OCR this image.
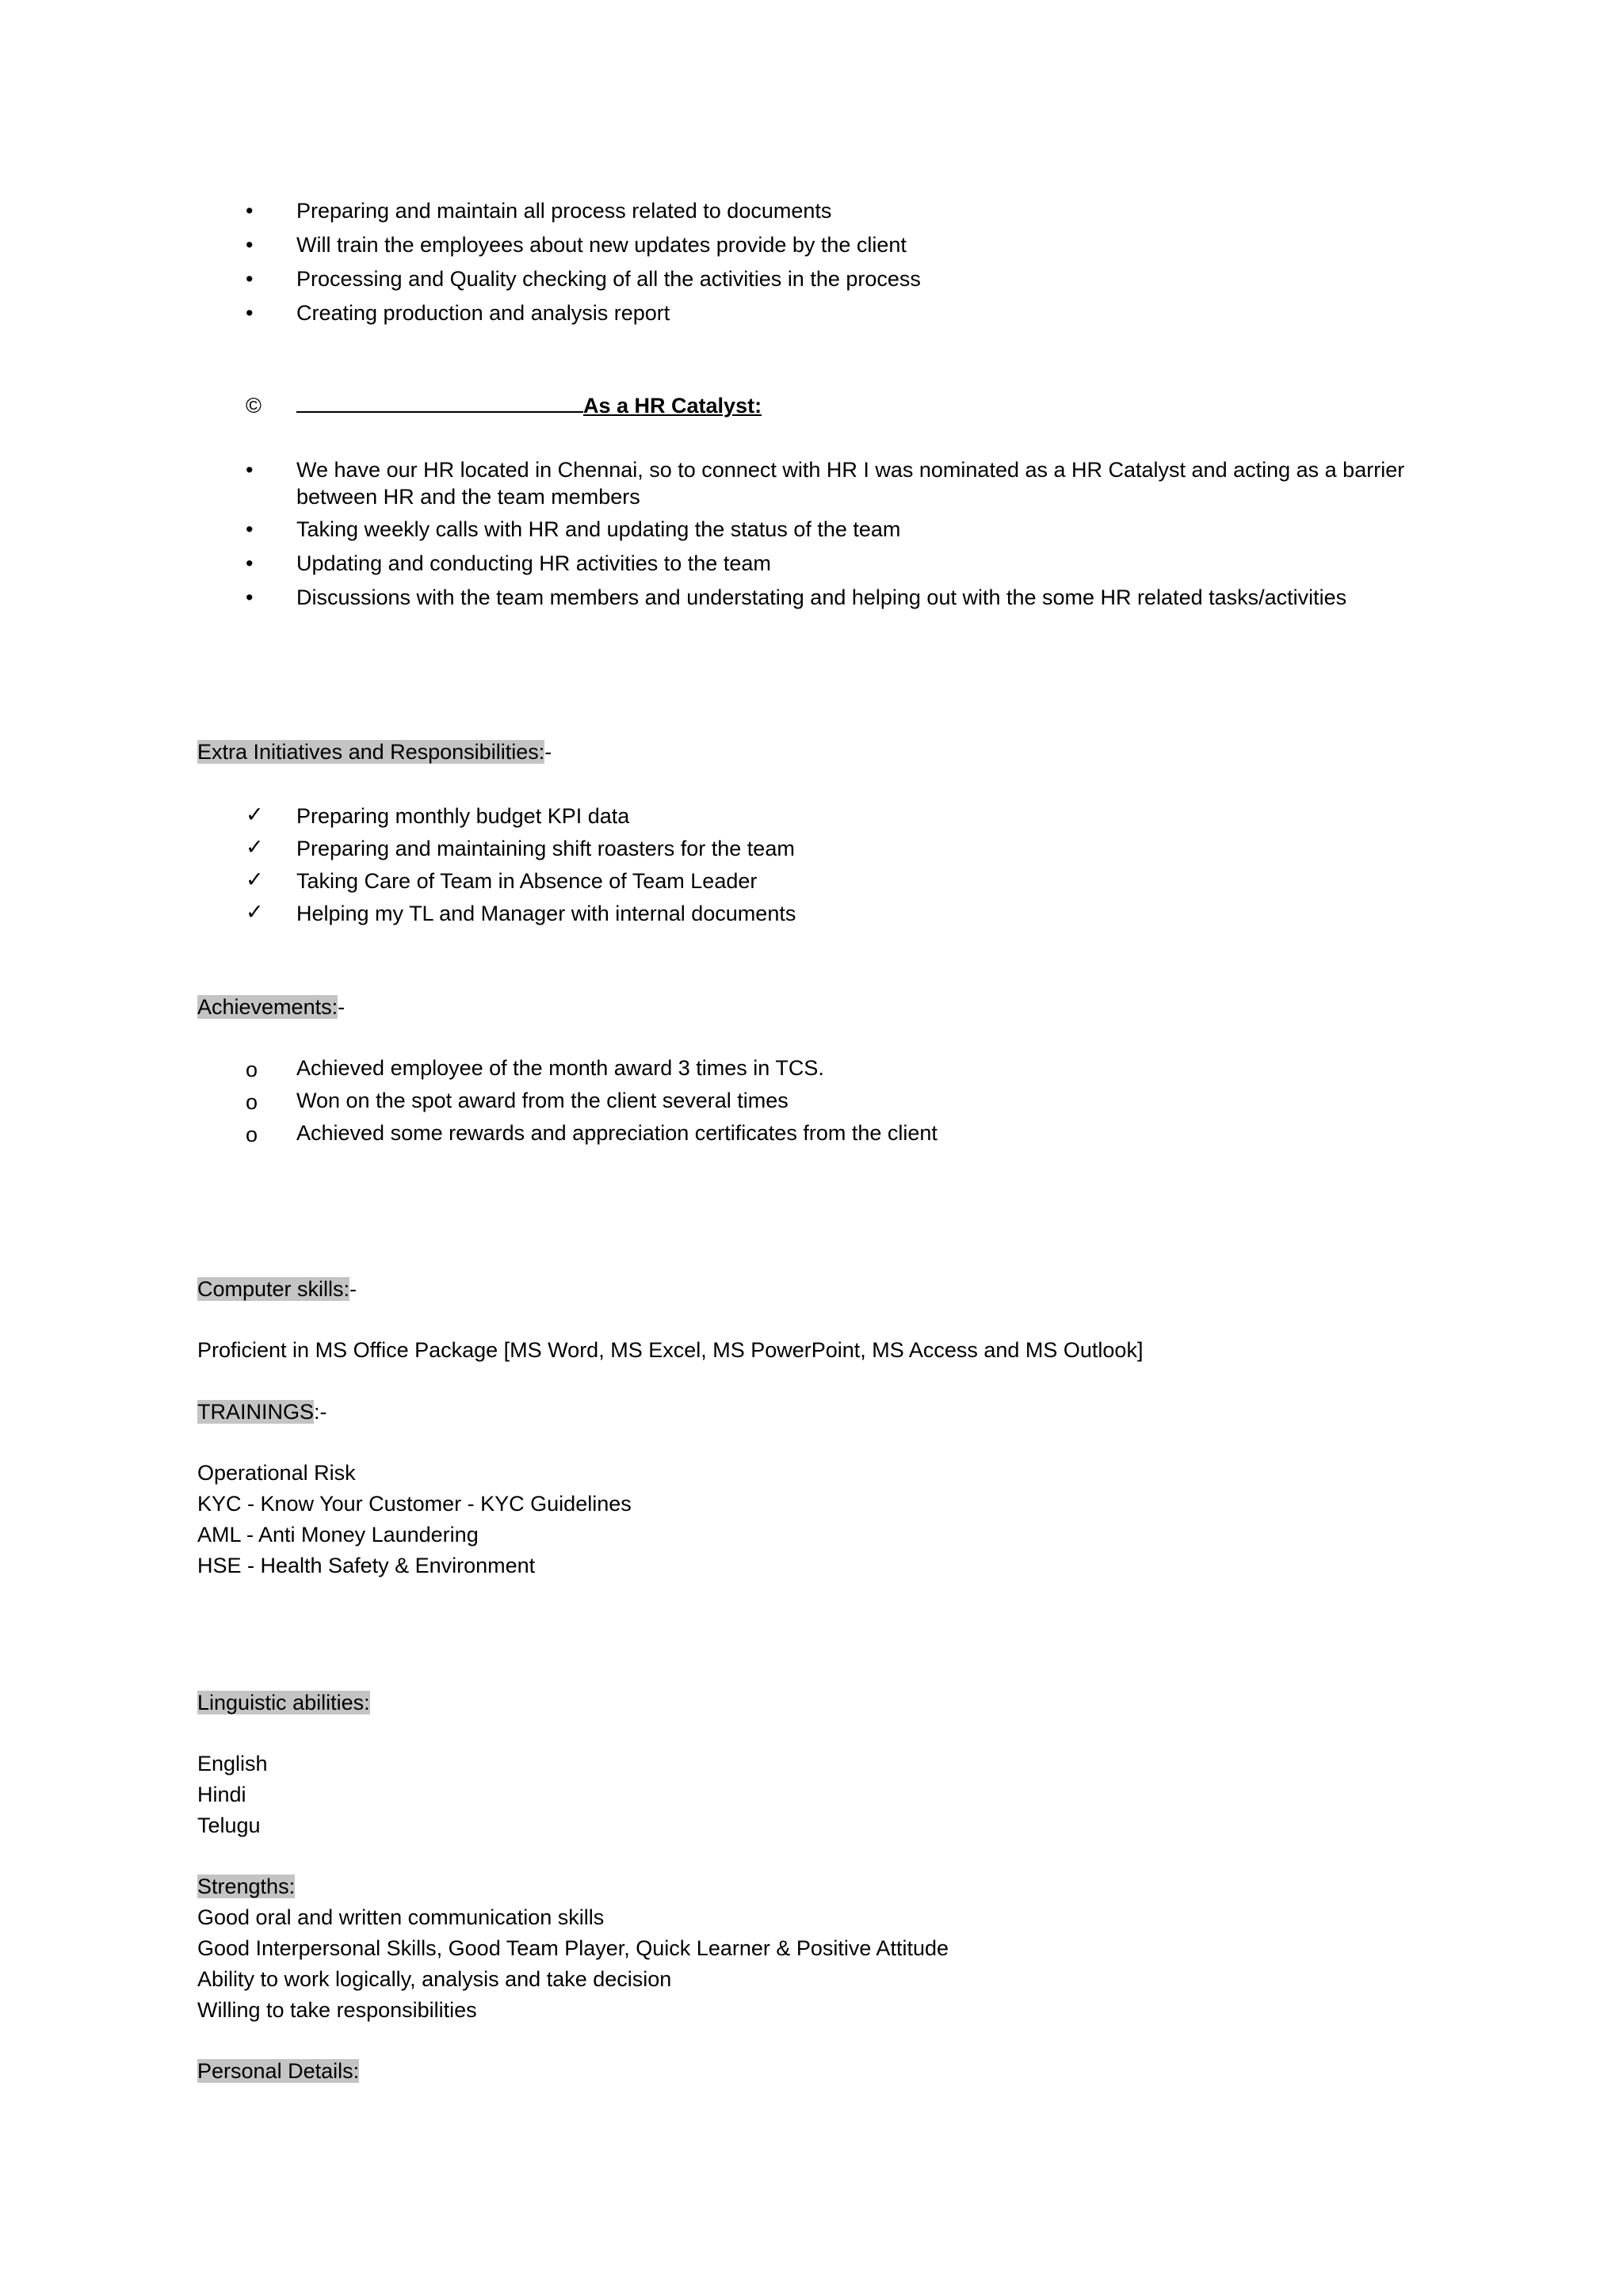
•	Preparing and maintain all process related to documents
•	Will train the employees about new updates provide by the client
•	Processing and Quality checking of all the activities in the process
•	Creating production and analysis report
©	As a HR Catalyst:
•	We have our HR located in Chennai, so to connect with HR I was nominated as a HR Catalyst and acting as a barrier
between HR and the team members
•	Taking weekly calls with HR and updating the status of the team
•	Updating and conducting HR activities to the team
•	Discussions with the team members and understating and helping out with the some HR related tasks/activities
Extra Initiatives and Responsibilities:-
✓ Preparing monthly budget KPI data
✓ Preparing and maintaining shift roasters for the team
✓ Taking Care of Team in Absence of Team Leader
✓ Helping my TL and Manager with internal documents
Achievements:-
o	Achieved employee of the month award 3 times in TCS.
o	Won on the spot award from the client several times
o	Achieved some rewards and appreciation certificates from the client
Computer skills:-
Proficient in MS Office Package [MS Word, MS Excel, MS PowerPoint, MS Access and MS Outlook]
TRAININGS:-
Operational Risk
KYC - Know Your Customer - KYC Guidelines
AML - Anti Money Laundering
HSE - Health Safety & Environment
Linguistic abilities:
English
Hindi
Telugu
Strengths:
Good oral and written communication skills
Good Interpersonal Skills, Good Team Player, Quick Learner & Positive Attitude
Ability to work logically, analysis and take decision
Willing to take responsibilities
Personal Details:
